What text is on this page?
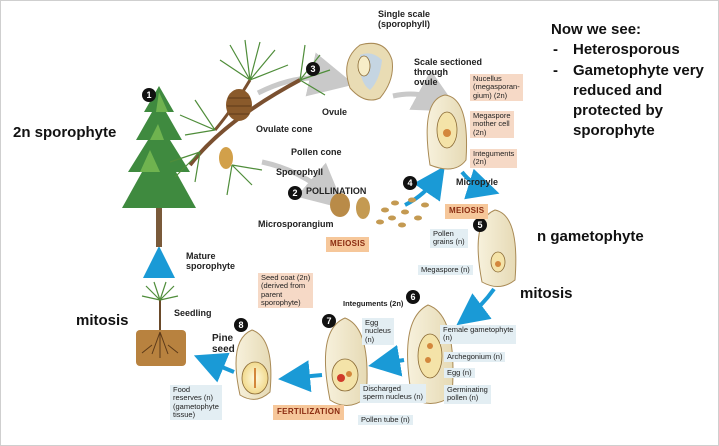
1
2
3
4
5
6
7
8
Single scale
(sporophyll)
Scale sectioned
through
ovule	Nucellus
(megasporan-
gium) (2n)
Megaspore
mother cell
(2n)
Integuments
(2n)
Micropyle
Ovule
Ovulate cone
Pollen cone
Sporophyll
POLLINATION
Microsporangium
MEIOSIS
MEIOSIS
Pollen
grains (n)
Megaspore (n)
Mature
sporophyte
Seedling
Seed coat (2n)
(derived from
parent
sporophyte)	Integuments (2n)
Egg
nucleus
(n)
Female gametophyte
(n)
Archegonium (n)
Egg (n)
Germinating
pollen (n)
Discharged
sperm nucleus (n)
Pollen tube (n)
Pine
seed
Food
reserves (n)
(gametophyte
tissue)	FERTILIZATION
2n sporophyte
n gametophyte
mitosis
mitosis
Now we see:
- Heterosporous
- Gametophyte very reduced and protected by sporophyte
